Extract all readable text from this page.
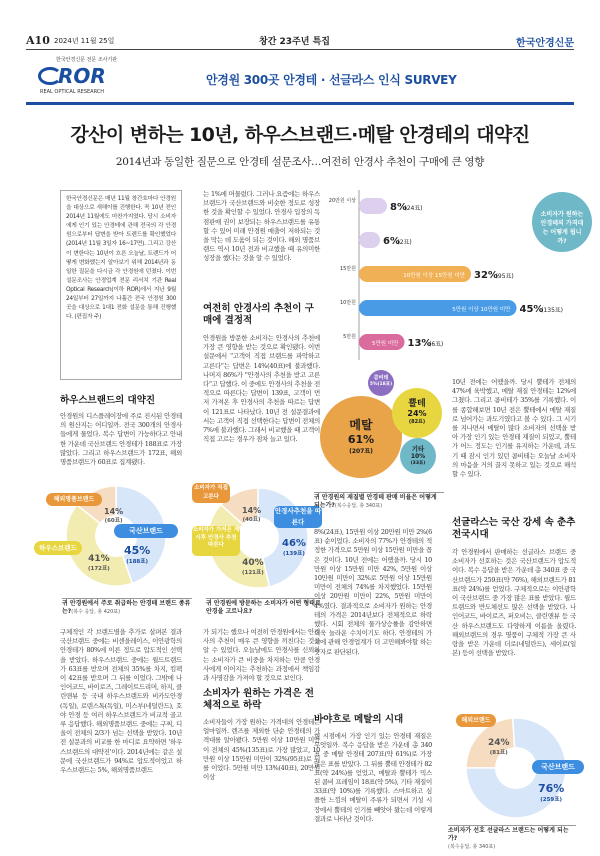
A10 2024년 11월 25일	창간 23주년 특집	한국안경신문
한국안경신문 전문 조사기관
ROR
REAL OPTICAL RESEARCH
안경원 300곳 안경테 · 선글라스 인식 SURVEY
강산이 변하는 10년, 하우스브랜드·메탈 안경테의 대약진
2014년과 동일한 질문으로 안경테 설문조사…여전히 안경사 추천이 구매에 큰 영향
한국안경신문은 매년 11월 창간호마다 안경원을 대상으로 새해이를 진행한다. 꼭 10년 전인 2014년 11월에도 마찬가지였다. 당시 소비자에게 인기 있는 안경테에 관해 전국의 각 안경원으로부터 답변을 받아 트렌드를 확인했었다(2014년 11월 3일자 16~17면). 그리고 강산이 변한다는 10년이 흐른 오늘날, 트렌드가 어떻게 변화했는지 알아보기 위해 2014년과 동일한 질문을 다시금 각 안경원에 던졌다. 이번 설문조사는 안경업계 전문 리서치 기관 Real Optical Research(이하 ROR)에서 지난 9월 24일부터 27일까지 나흘간 전국 안경원 300곳을 대상으로 1대1 전화 설문을 통해 진행했다. (편집자 주)
하우스브랜드의 대약진
안경원의 디스플레이장에 주로 진시된 안경테의 원산지는 어디일까. 전국 300개의 안경사들에게 물었다. 복수 답변이 가능하다고 안내한 가운데 국산브랜드 안경테가 188표로 가장 많았다. 그리고 하우스브랜드가 172표, 해외 명품브랜드가 60표로 집계됐다.
국산브랜드
45%
(188표)
하우스브랜드
41%
(172표)
해외명품브랜드
14%
(60표)
귀 안경원에서 주로 취급하는 안경테 브랜드 종류는?(복수 응답, 총 420표)
구체적인 각 브랜드별을 추가로 살펴본 결과 국산브랜드 중에는 비센을레이스, 이안광학의 안경테가 80%에 이른 정도로 압도적인 선택을 받았다. 하우스브랜드 중에는 윌드트랜드가 63표를 받으며 전체의 35%를 차지, 킴팩이 42표를 받으며 그 뒤를 이었다. 그밖에 나인어코드, 바이로즈, 그레이트드리머, 하지, 클린앤뷰 등 국내 하우스브랜드와 비카도안경(독일), 로덴스톡(독일), 미스부(네덜란드), 호야 안경 등 여러 하우스브랜드가 비교적 골고루 응답했다. 해외명품브랜드 중에는 구찌, 디올이 전체의 2/3가 넘는 선택을 받았다. 10년 전 설문과의 비교를 한 마디로 요약하면 '하우스브랜드의 대약진'이다. 2014년에는 같은 설문에 국산브랜드가 94%로 압도적이었고 하우스브랜드는 5%, 해외명품브랜드
는 1%에 머물렀다. 그러나 요즘에는 하우스브랜드가 국산브랜드와 비슷한 정도로 성장한 것을 확인할 수 있었다. 안경사 입장의 독점판매 권이 보장되는 하우스브랜드를 유통할 수 있어 미래 안경원 매출이 저하되는 것을 막는 데 도움이 되는 것이다. 해외 명품브랜드 역시 10년 전과 비교했을 때 유의미한 성장을 했다는 것을 알 수 있었다.
여전히 안경사의 추천이 구매에 결정적
안경원을 방문한 소비자는 안경사의 추천에 가장 큰 영향을 받는 것으로 확인됐다. 이번 설문에서 "고객이 직접 브랜드를 파악하고 고른다"는 답변은 14%(40표)에 불과했다. 나머지 86%가 "안경사의 추천을 받고 고른다"고 답했다. 이 중에도 안경사의 추천을 전적으로 따른다는 답변이 139표, 고객이 먼저 가져온 후 안경사의 추천을 따르는 답변이 121표로 나타났다. 10년 전 설문결과에서는 고객이 직접 선택한다는 답변이 전체의 7%에 불과했다. 그래서 비교했을 때 고객이 직접 고르는 경우가 점차 늘고 있다.
안경사추천을 따른다
46%
(139표)
소비자가 가져온 제시후 안경사 추천 따른다
40%
(121표)
소비자가 직접고른다
14%
(40표)
귀 안경원에 방문하는 소비자가 어떤 형태로 안경을 고르나요?
가 되기는 했으나 여전히 안경원에서는 안경사의 추천이 매우 큰 영향을 끼친다는 것을 알 수 있었다. 오늘날에도 안경사를 신뢰하는 소비자가 큰 비중을 차지하는 만큼 안경사에게 이어지는 추천하는 과정에서 책임감과 사명감을 가져야 할 것으로 보인다.
소비자가 원하는 가격은 전체적으로 하락
소비자들이 가장 원하는 가격대의 안경테는 얼마일까. 렌즈를 제외한 단순 안경테의 가격대를 알아봤다. 5만원 이상 10만원 미만이 전체의 45%(135표)로 가장 많았고, 10만원 이상 15만원 미만이 32%(95표)로 뒤를 이었다. 5만원 미만 13%(40표), 20만원 이상
20만원 이상
8%
(24표)
6%
(2표)
10만원 이상 15만원 미만
15만원
32%
(95표)
5만원 이상 10만원 미만
10만원
45%
(135표)
5만원 미만
5만원
13%
(6표)
소비자가 원하는 안경테의 가격대는 어떻게 됩니까?
메탈
61%
(207표)
뿔테
24%
(82표)
기타
10%
(33표)
콤비테
5%(18표)
귀 안경원의 재질별 안경테 판매 비율은 어떻게 되는가?(복수응답, 총 340표)
8%(24표), 15만원 이상 20만원 미만 2%(6표) 순이었다. 소비자의 77%가 안경테의 적정한 가격으로 5만원 이상 15만원 미만을 꼽은 것이다. 10년 전에는 어땠을까. 당시 10만원 이상 15만원 미만 42%, 5만원 이상 10만원 미만이 32%로 5만원 이상 15만원 미만이 전체의 74%를 차지했었다. 15만원 이상 20만원 미만이 22%, 5만원 미만이 4%였다. 결과적으로 소비자가 원하는 안경테의 가격은 2014년보다 전체적으로 하락했다. 시회 전체의 물가상승률을 감안하면 더욱 놀라운 수치이기도 하다. 안경테의 가치에 관해 안경업계가 더 고민해봐야할 하는 숫자로 판단된다.
바야흐로 메탈의 시대
현 시점에서 가장 인기 있는 안경테 재질은 무엇일까. 복수 응답을 받은 가운데 총 340표 중 메탈 안경테 207표(약 61%)로 가장 많은 표를 받았다. 그 뒤를 뿔테 안경테가 82표(약 24%)를 얻었고, 메탈과 뿔테가 믹스된 콤비 프레임이 18표(약 5%), 기타 재질이 33표(약 10%)를 기록했다. 스마트하고 심플한 느낌의 메탈이 주류가 되면서 기성 시장에서 뿔테의 인기를 빼앗아 왔는데 이렇게 결과로 나타난 것이다.
10년 전에는 어땠을까. 당시 뿔테가 전체의 47%에 육박했고, 메탈 재질 안경테는 12%에 그쳤다. 그리고 콤비테가 35%를 기록했다. 이를 종합해보면 10년 전은 뿔테에서 메탈 재질로 넘어가는 과도기였다고 볼 수 있다. 그 시기를 지나면서 메탈이 많다 소비자의 선택을 받아 가장 인기 있는 안경테 재질이 되었고, 뿔테가 어느 정도는 인기를 유지하는 가운데, 과도기 때 잠시 인기 있던 콤비테는 오늘날 소비자의 마음을 거의 끌지 못하고 있는 것으로 해석할 수 있다.
선글라스는 국산 강세 속 춘추전국시대
각 안경원에서 판매하는 선글라스 브랜드 중 소비자가 선호하는 것은 국산브랜드가 압도적이다. 복수 응답을 받은 가운데 총 340표 중 국산브랜드가 259표(약 76%), 해외브랜드가 81표(약 24%)를 얻었다. 구체적으로는 이안광학이 국산브랜드 중 가장 많은 표를 받았다. 윌드트랜드와 반도체선도 많은 선택을 받았다. 나인어코드, 바이로즈, 퍼오비는, 클린앤뷰 등 국산 하우스브랜드도 다양하게 이름을 올렸다. 해외브랜드의 경우 명품이 구체적 가장 큰 사랑을 받은 가운데 더로(네덜란드), 세이로(일본) 등이 선택을 받았다.
국산브랜드
76%
(259표)
해외브랜드
24%
(81표)
소비자가 선호 선글라스 브랜드는 어떻게 되는가?
(복수응답, 총 340표)
